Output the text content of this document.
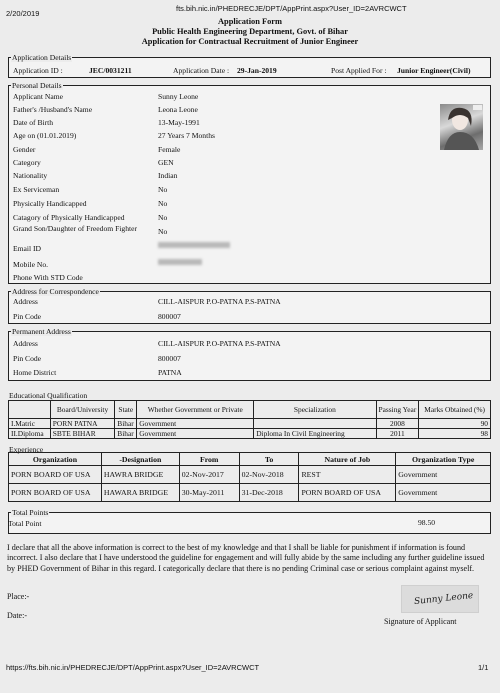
2/20/2019
fts.bih.nic.in/PHEDRECJE/DPT/AppPrint.aspx?User_ID=2AVRCWCT
https://fts.bih.nic.in/PHEDRECJE/DPT/AppPrint.aspx?User_ID=2AVRCWCT	1/1
Application Form
Public Health Engineering Department, Govt. of Bihar
Application for Contractual Recruitment of Junior Engineer
Application Details
Application ID :	JEC/0031211	Application Date : 29-Jan-2019	Post Applied For : Junior Engineer(Civil)
Personal Details
Applicant Name	Sunny Leone
Father's /Husband's Name	Leona Leone
Date of Birth	13-May-1991
Age on (01.01.2019)	27 Years 7 Months
Gender	Female
Category	GEN
Nationality	Indian
Ex Serviceman	No
Physically Handicapped	No
Catagory of Physically Handicapped	No
Grand Son/Daughter of Freedom Fighter	No
Email ID
Mobile No.
Phone With STD Code
Address for Correspondence
Address	CILL-AISPUR P.O-PATNA P.S-PATNA
Pin Code	800007
Permanent Address
Address	CILL-AISPUR P.O-PATNA P.S-PATNA
Pin Code	800007
Home District	PATNA
Educational Qualification
	Board/University	State	Whether Government or Private	Specialization	Passing Year	Marks Obtained (%)
I.Matric	PORN PATNA	Bihar	Government		2008	90
II.Diploma	SBTE BIHAR	Bihar	Government	Diploma In Civil Engineering	2011	98
Experience
Organization	-Designation	From	To	Nature of Job	Organization Type
PORN BOARD OF USA	HAWRA BRIDGE	02-Nov-2017	02-Nov-2018	REST	Government
PORN BOARD OF USA	HAWARA BRIDGE	30-May-2011	31-Dec-2018	PORN BOARD OF USA	Government
Total Points
Total Point	98.50
I declare that all the above information is correct to the best of my knowledge and that I shall be liable for punishment if information is found incorrect. I also declare that I have understood the guideline for engagement and will fully abide by the same including any further guideline issued by PHED Government of Bihar in this regard. I categorically declare that there is no pending Criminal case or serious complaint against myself.
Place:-
Date:-
Sunny Leone
Signature of Applicant
